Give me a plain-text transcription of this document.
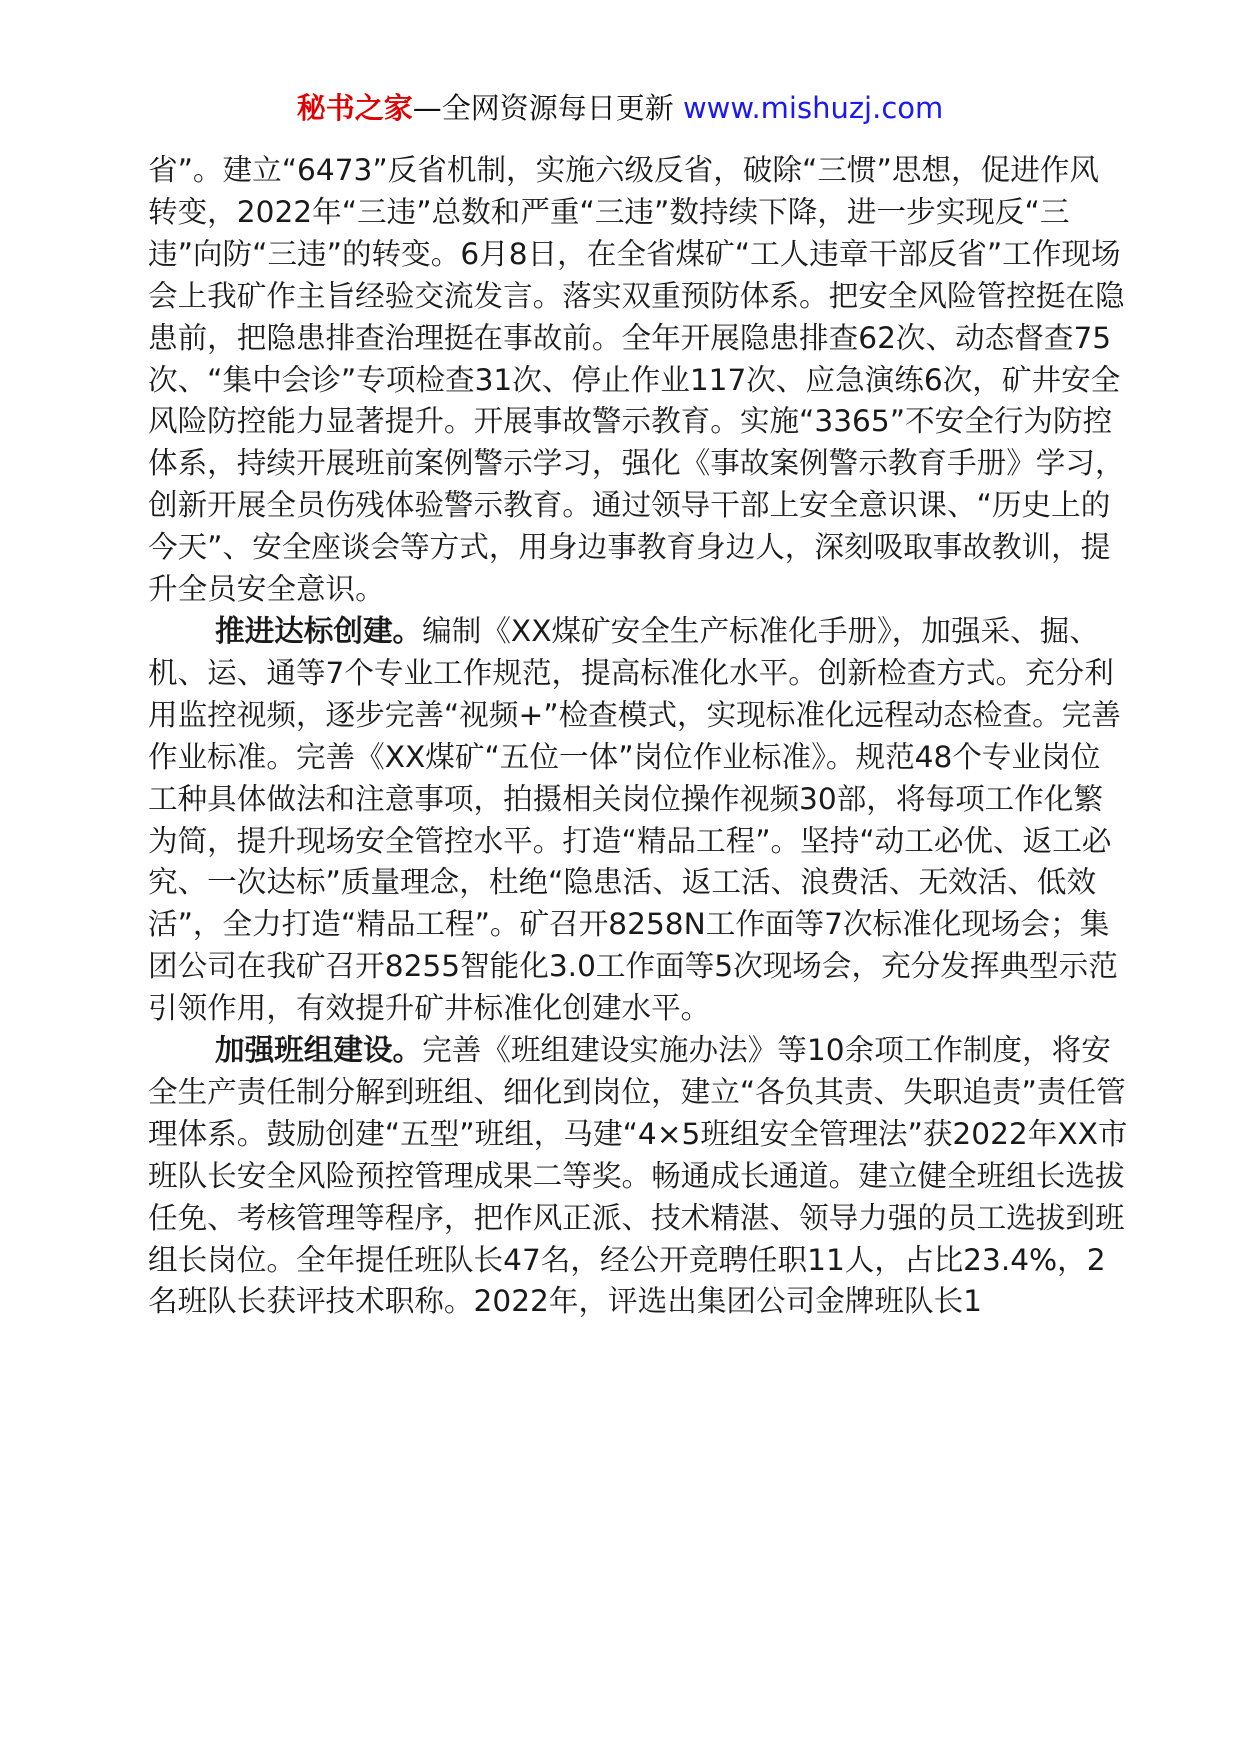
秘书之家—全网资源每日更新 www.mishuzj.com

省”。建立“6473”反省机制，实施六级反省，破除“三惯”思想，促进作风转变，2022年“三违”总数和严重“三违”数持续下降，进一步实现反“三违”向防“三违”的转变。6月8日，在全省煤矿“工人违章干部反省”工作现场会上我矿作主旨经验交流发言。落实双重预防体系。把安全风险管控挺在隐患前，把隐患排查治理挺在事故前。全年开展隐患排查62次、动态督查75次、“集中会诊”专项检查31次、停止作业117次、应急演练6次，矿井安全风险防控能力显著提升。开展事故警示教育。实施“3365”不安全行为防控体系，持续开展班前案例警示学习，强化《事故案例警示教育手册》学习，创新开展全员伤残体验警示教育。通过领导干部上安全意识课、“历史上的今天”、安全座谈会等方式，用身边事教育身边人，深刻吸取事故教训，提升全员安全意识。

推进达标创建。编制《XX煤矿安全生产标准化手册》，加强采、掘、机、运、通等7个专业工作规范，提高标准化水平。创新检查方式。充分利用监控视频，逐步完善“视频+”检查模式，实现标准化远程动态检查。完善作业标准。完善《XX煤矿“五位一体”岗位作业标准》。规范48个专业岗位工种具体做法和注意事项，拍摄相关岗位操作视频30部，将每项工作化繁为简，提升现场安全管控水平。打造“精品工程”。坚持“动工必优、返工必究、一次达标”质量理念，杜绝“隐患活、返工活、浪费活、无效活、低效活”，全力打造“精品工程”。矿召开8258N工作面等7次标准化现场会；集团公司在我矿召开8255智能化3.0工作面等5次现场会，充分发挥典型示范引领作用，有效提升矿井标准化创建水平。

加强班组建设。完善《班组建设实施办法》等10余项工作制度，将安全生产责任制分解到班组、细化到岗位，建立“各负其责、失职追责”责任管理体系。鼓励创建“五型”班组，马建“4×5班组安全管理法”获2022年XX市班队长安全风险预控管理成果二等奖。畅通成长通道。建立健全班组长选拔任免、考核管理等程序，把作风正派、技术精湛、领导力强的员工选拔到班组长岗位。全年提任班队长47名，经公开竞聘任职11人，占比23.4%，2名班队长获评技术职称。2022年，评选出集团公司金牌班队长1
